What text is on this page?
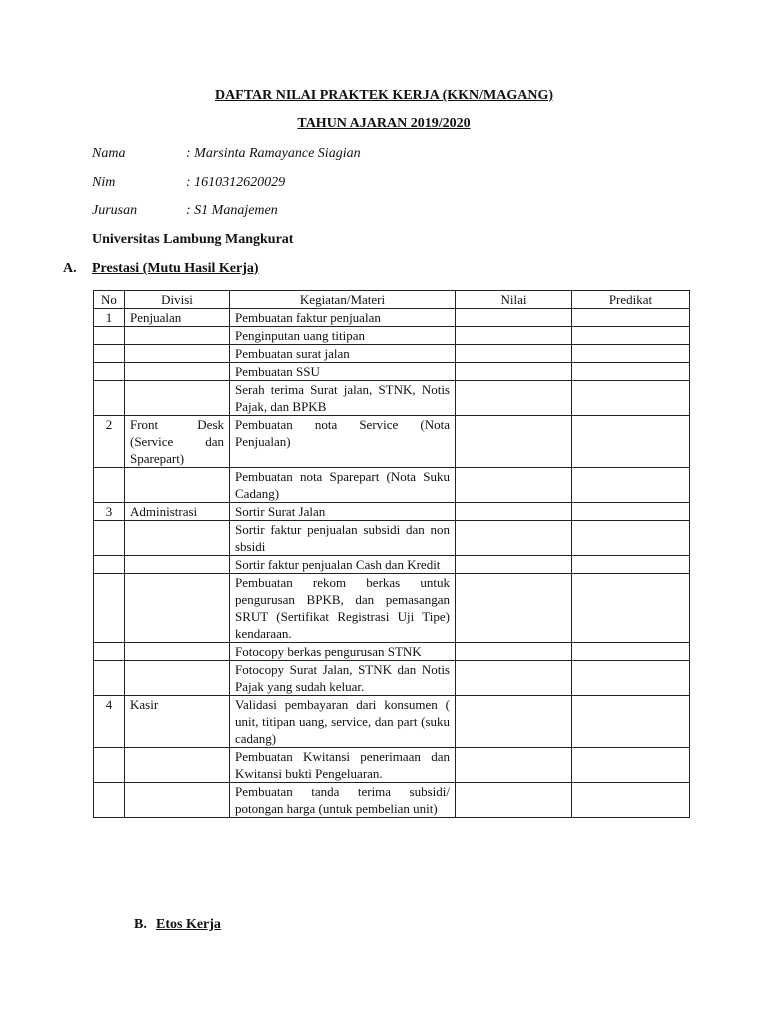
DAFTAR NILAI PRAKTEK KERJA (KKN/MAGANG)
TAHUN AJARAN 2019/2020
Nama	: Marsinta Ramayance Siagian
Nim	: 1610312620029
Jurusan	: S1 Manajemen
Universitas Lambung Mangkurat
A. Prestasi (Mutu Hasil Kerja)
No	Divisi	Kegiatan/Materi	Nilai	Predikat
1	Penjualan	Pembuatan faktur penjualan		
		Penginputan uang titipan		
		Pembuatan surat jalan		
		Pembuatan SSU		
		Serah terima Surat jalan, STNK, Notis Pajak, dan BPKB		
2	Front Desk (Service dan Sparepart)	Pembuatan nota Service (Nota Penjualan)		
		Pembuatan nota Sparepart (Nota Suku Cadang)		
3	Administrasi	Sortir Surat Jalan		
		Sortir faktur penjualan subsidi dan non sbsidi		
		Sortir faktur penjualan Cash dan Kredit		
		Pembuatan rekom berkas untuk pengurusan BPKB, dan pemasangan SRUT (Sertifikat Registrasi Uji Tipe) kendaraan.		
		Fotocopy berkas pengurusan STNK		
		Fotocopy Surat Jalan, STNK dan Notis Pajak yang sudah keluar.		
4	Kasir	Validasi pembayaran dari konsumen ( unit, titipan uang, service, dan part (suku cadang)		
		Pembuatan Kwitansi penerimaan dan Kwitansi bukti Pengeluaran.		
		Pembuatan tanda terima subsidi/ potongan harga (untuk pembelian unit)		
B. Etos Kerja
